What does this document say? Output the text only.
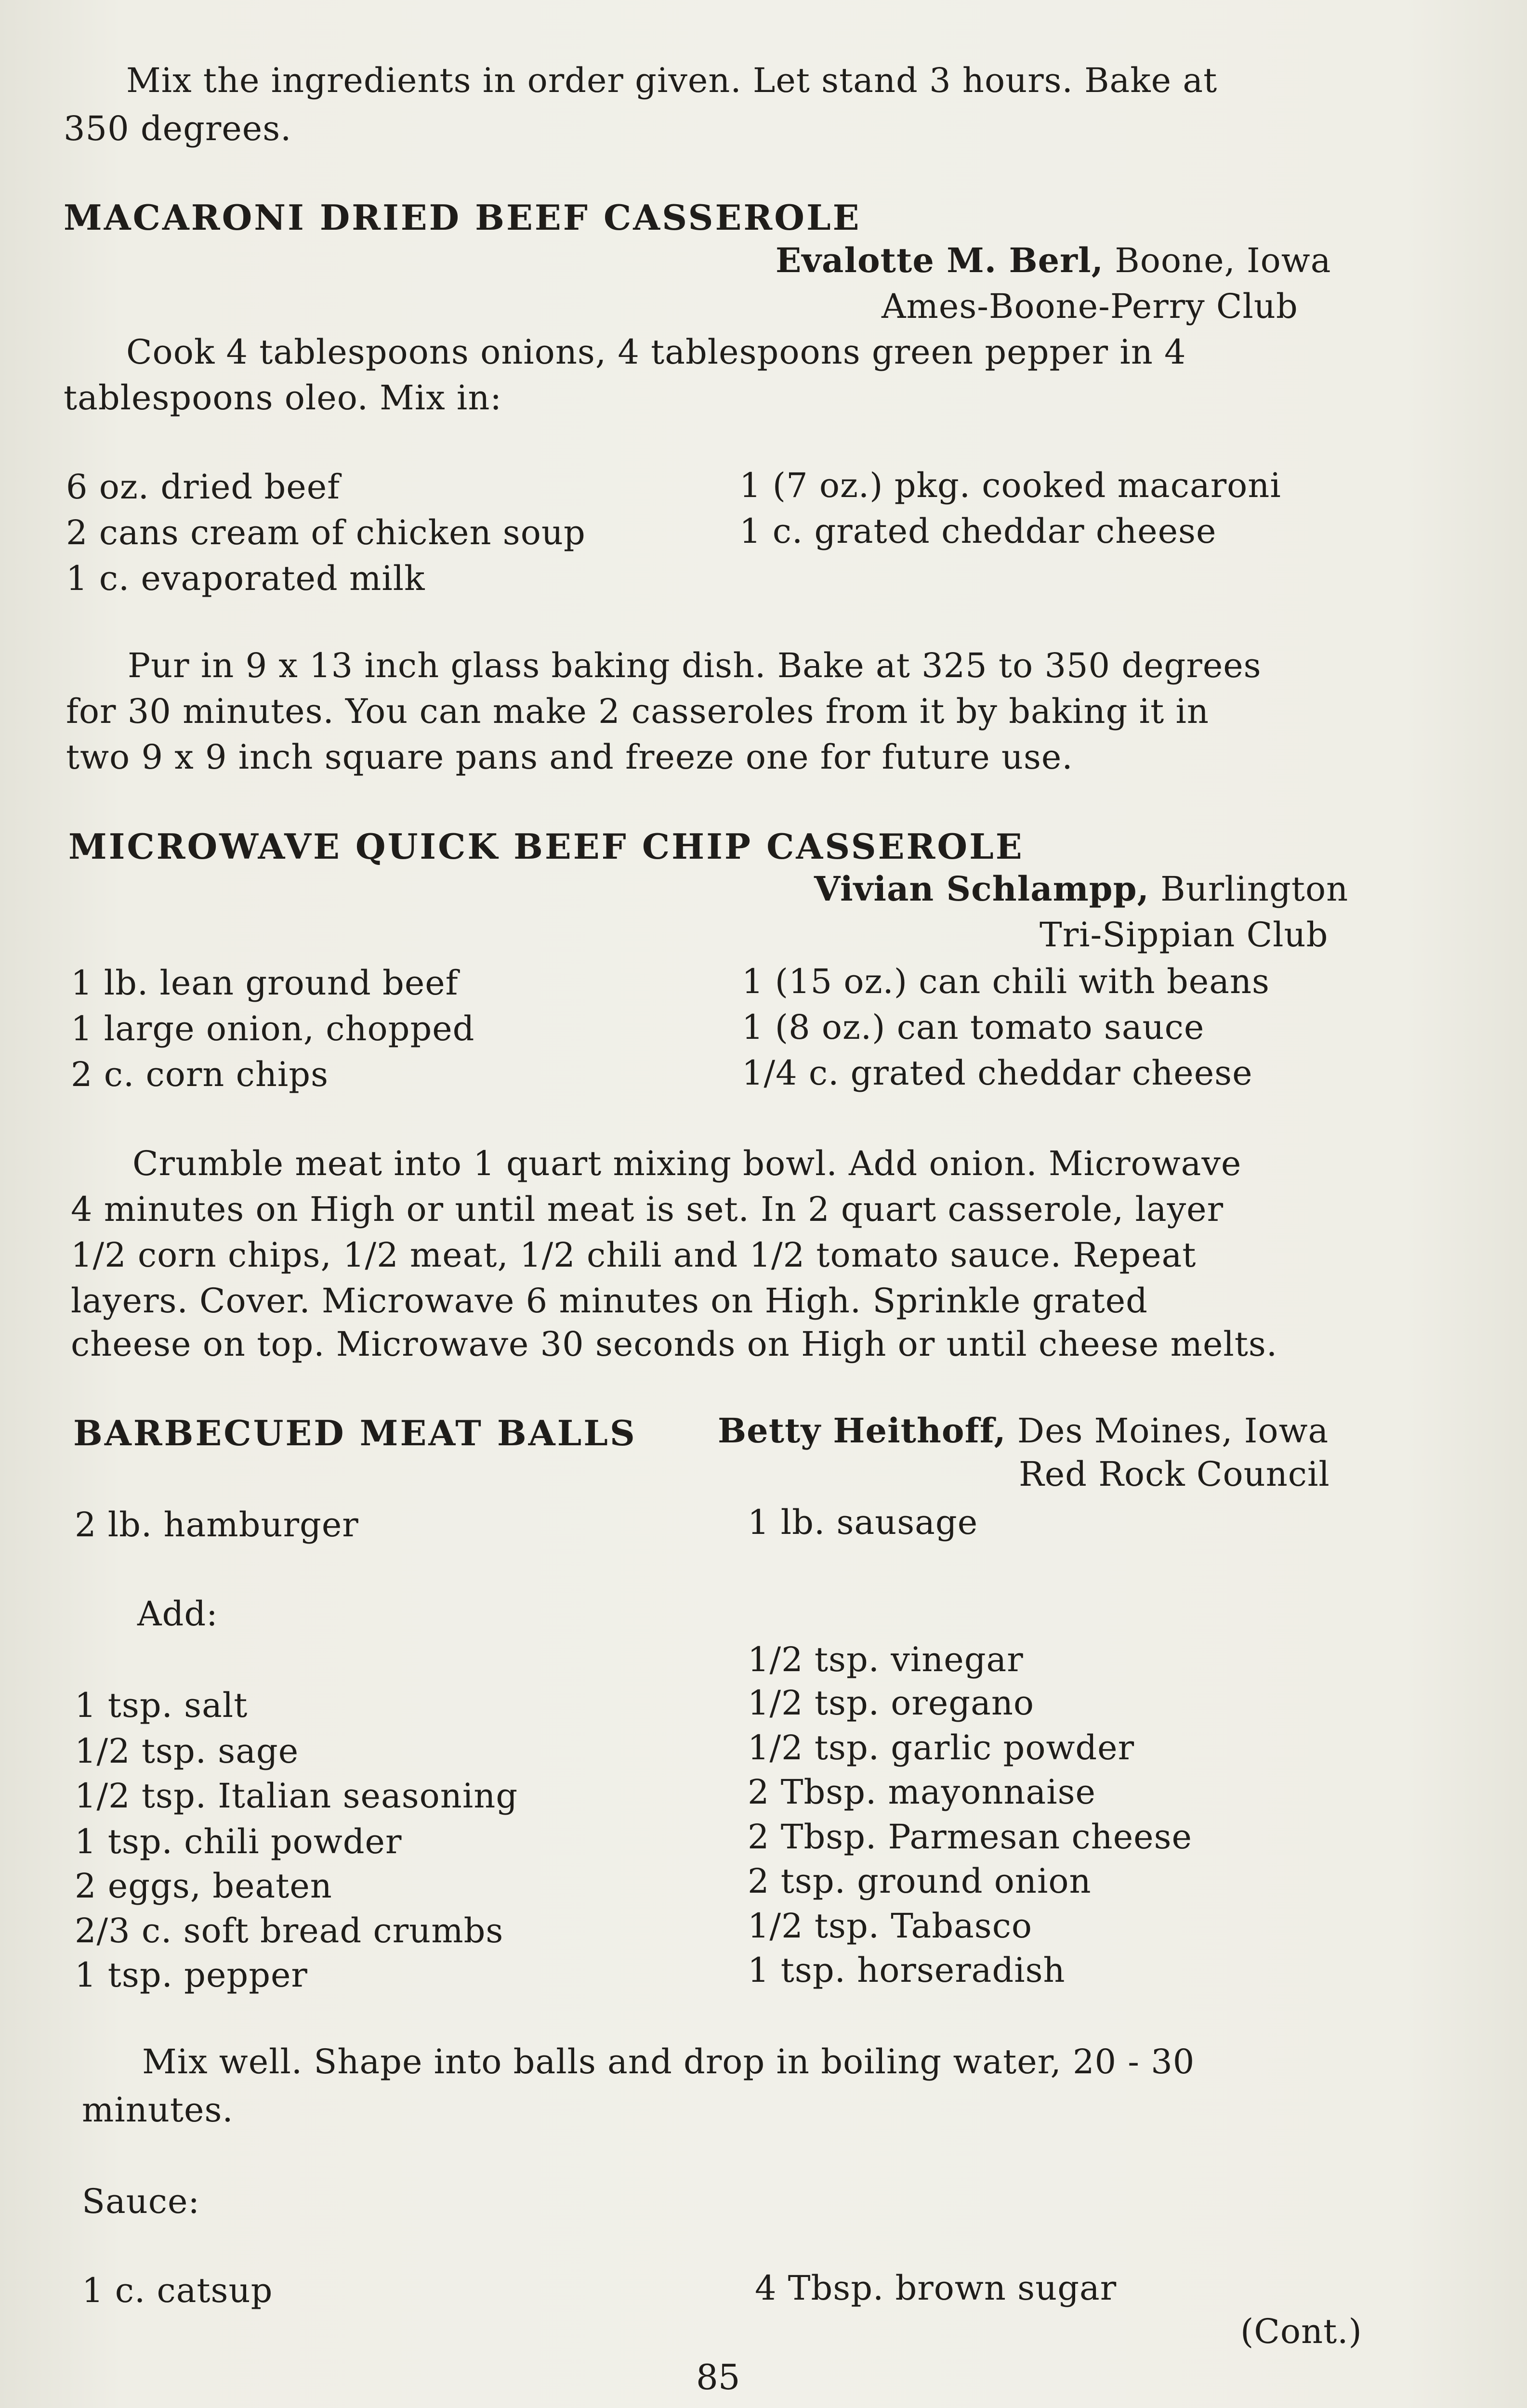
Mix the ingredients in order given. Let stand 3 hours. Bake at
350 degrees.
MACARONI DRIED BEEF CASSEROLE
Evalotte M. Berl, Boone, Iowa
Ames-Boone-Perry Club
Cook 4 tablespoons onions, 4 tablespoons green pepper in 4
tablespoons oleo. Mix in:
6 oz. dried beef
2 cans cream of chicken soup
1 c. evaporated milk
1 (7 oz.) pkg. cooked macaroni
1 c. grated cheddar cheese
Pur in 9 x 13 inch glass baking dish. Bake at 325 to 350 degrees
for 30 minutes. You can make 2 casseroles from it by baking it in
two 9 x 9 inch square pans and freeze one for future use.
MICROWAVE QUICK BEEF CHIP CASSEROLE
Vivian Schlampp, Burlington
Tri-Sippian Club
1 lb. lean ground beef
1 large onion, chopped
2 c. corn chips
1 (15 oz.) can chili with beans
1 (8 oz.) can tomato sauce
1/4 c. grated cheddar cheese
Crumble meat into 1 quart mixing bowl. Add onion. Microwave
4 minutes on High or until meat is set. In 2 quart casserole, layer
1/2 corn chips, 1/2 meat, 1/2 chili and 1/2 tomato sauce. Repeat
layers. Cover. Microwave 6 minutes on High. Sprinkle grated
cheese on top. Microwave 30 seconds on High or until cheese melts.
BARBECUED MEAT BALLS Betty Heithoff, Des Moines, Iowa
Red Rock Council
2 lb. hamburger	1 lb. sausage
Add:
1 tsp. salt
1/2 tsp. sage
1/2 tsp. Italian seasoning
1 tsp. chili powder
2 eggs, beaten
2/3 c. soft bread crumbs
1 tsp. pepper
1/2 tsp. vinegar
1/2 tsp. oregano
1/2 tsp. garlic powder
2 Tbsp. mayonnaise
2 Tbsp. Parmesan cheese
2 tsp. ground onion
1/2 tsp. Tabasco
1 tsp. horseradish
Mix well. Shape into balls and drop in boiling water, 20 - 30
minutes.
Sauce:
1 c. catsup	4 Tbsp. brown sugar
(Cont.)
85
